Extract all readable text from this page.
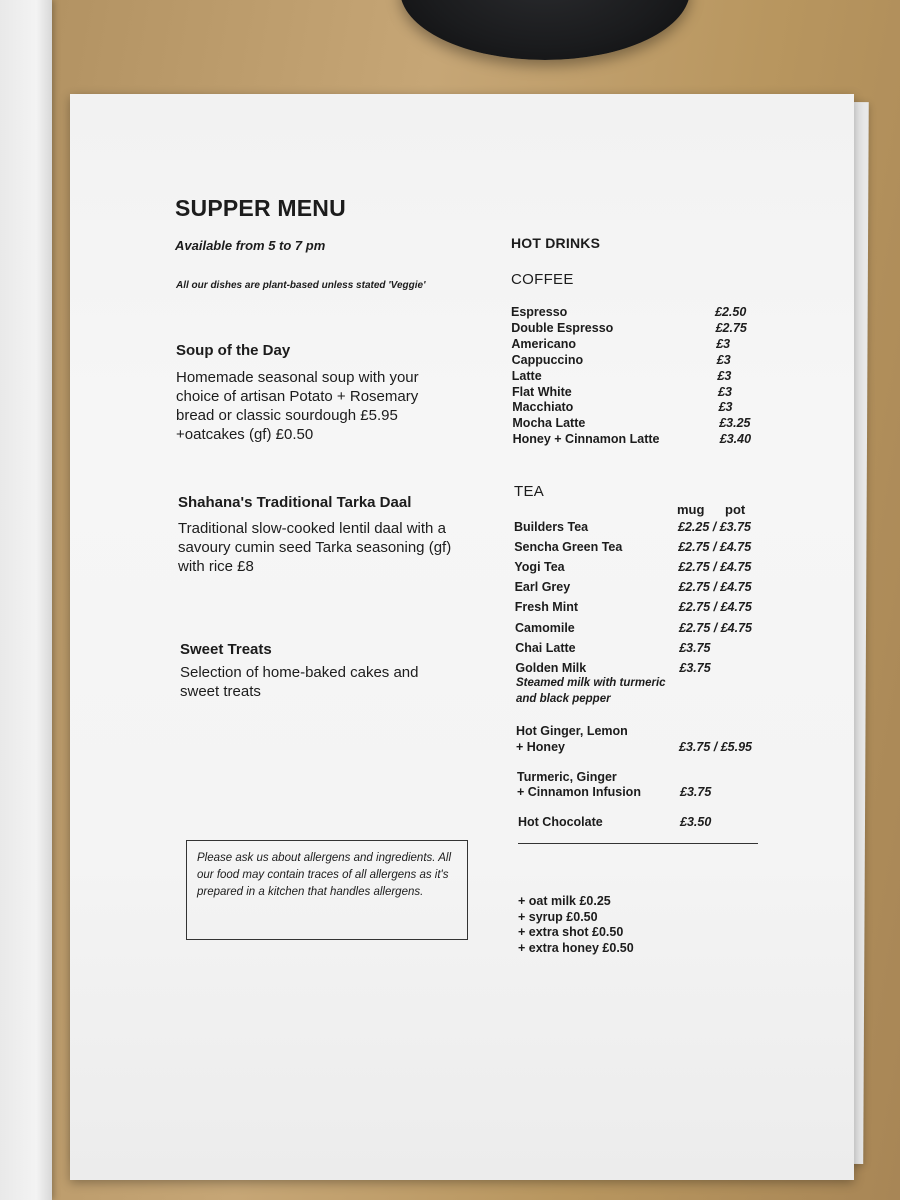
SUPPER MENU
Available from 5 to 7 pm
All our dishes are plant-based unless stated 'Veggie'
Soup of the Day
Homemade seasonal soup with your choice of artisan Potato + Rosemary bread or classic sourdough £5.95 +oatcakes (gf) £0.50
Shahana's Traditional Tarka Daal
Traditional slow-cooked lentil daal with a savoury cumin seed Tarka seasoning (gf) with rice £8
Sweet Treats
Selection of home-baked cakes and sweet treats
Please ask us about allergens and ingredients. All our food may contain traces of all allergens as it's prepared in a kitchen that handles allergens.
HOT DRINKS
COFFEE
Espresso	£2.50
Double Espresso	£2.75
Americano	£3
Cappuccino	£3
Latte	£3
Flat White	£3
Macchiato	£3
Mocha Latte	£3.25
Honey + Cinnamon Latte	£3.40
TEA
mug pot
Builders Tea	£2.25 / £3.75
Sencha Green Tea	£2.75 / £4.75
Yogi Tea	£2.75 / £4.75
Earl Grey	£2.75 / £4.75
Fresh Mint	£2.75 / £4.75
Camomile	£2.75 / £4.75
Chai Latte	£3.75
Golden Milk	£3.75
Steamed milk with turmeric
and black pepper
Hot Ginger, Lemon
+ Honey	£3.75 / £5.95
Turmeric, Ginger
+ Cinnamon Infusion	£3.75
Hot Chocolate	£3.50
+ oat milk £0.25
+ syrup £0.50
+ extra shot £0.50
+ extra honey £0.50
